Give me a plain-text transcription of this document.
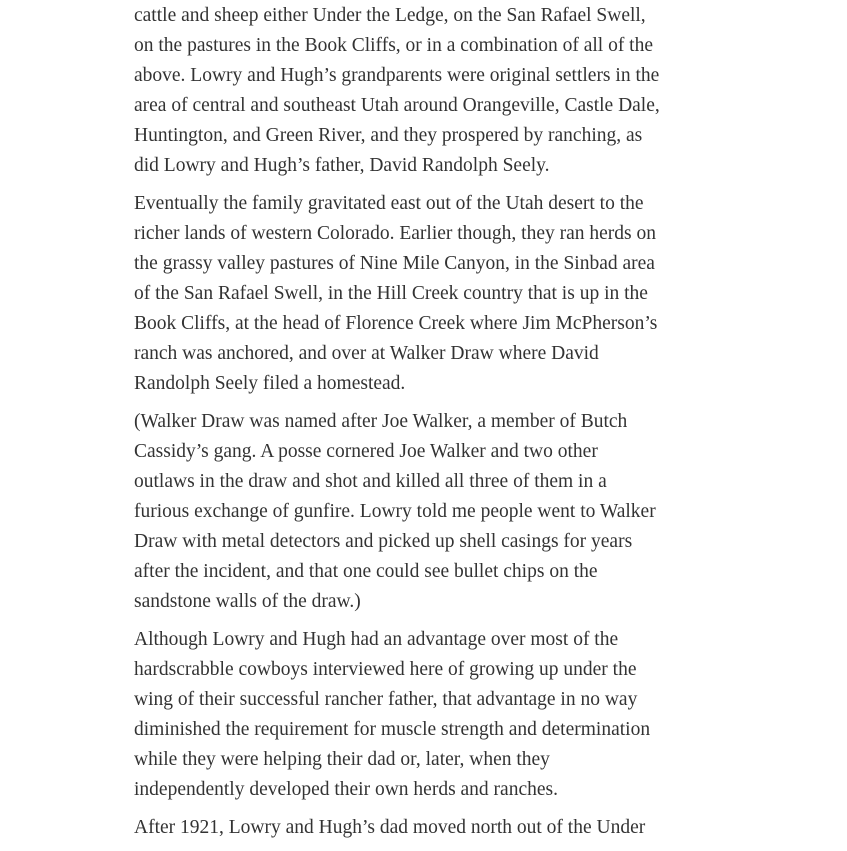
cattle and sheep either Under the Ledge, on the San Rafael Swell,
on the pastures in the Book Cliffs, or in a combination of all of the
above. Lowry and Hugh’s grandparents were original settlers in the
area of central and southeast Utah around Orangeville, Castle Dale,
Huntington, and Green River, and they prospered by ranching, as
did Lowry and Hugh’s father, David Randolph Seely.

Eventually the family gravitated east out of the Utah desert to the
richer lands of western Colorado. Earlier though, they ran herds on
the grassy valley pastures of Nine Mile Canyon, in the Sinbad area
of the San Rafael Swell, in the Hill Creek country that is up in the
Book Cliffs, at the head of Florence Creek where Jim McPherson’s
ranch was anchored, and over at Walker Draw where David
Randolph Seely filed a homestead.

(Walker Draw was named after Joe Walker, a member of Butch
Cassidy’s gang. A posse cornered Joe Walker and two other
outlaws in the draw and shot and killed all three of them in a
furious exchange of gunfire. Lowry told me people went to Walker
Draw with metal detectors and picked up shell casings for years
after the incident, and that one could see bullet chips on the
sandstone walls of the draw.)

Although Lowry and Hugh had an advantage over most of the
hardscrabble cowboys interviewed here of growing up under the
wing of their successful rancher father, that advantage in no way
diminished the requirement for muscle strength and determination
while they were helping their dad or, later, when they
independently developed their own herds and ranches.

After 1921, Lowry and Hugh’s dad moved north out of the Under
